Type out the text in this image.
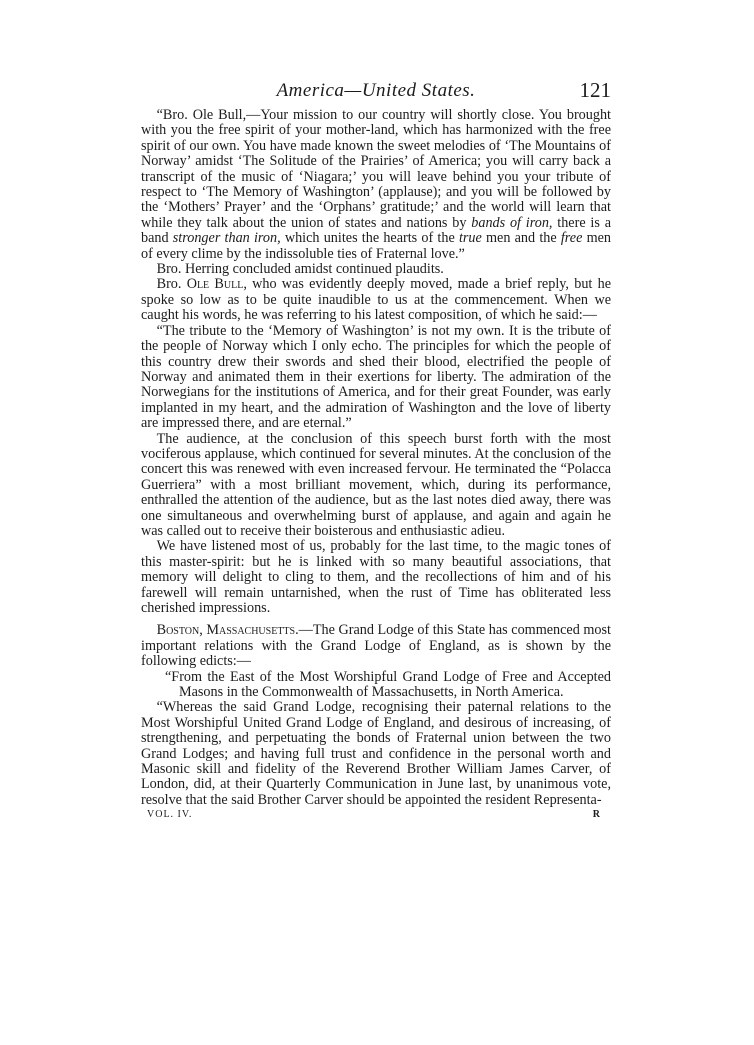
America—United States.	121

“Bro. Ole Bull,—Your mission to our country will shortly close. You brought with you the free spirit of your mother-land, which has harmonized with the free spirit of our own. You have made known the sweet melodies of ‘The Mountains of Norway’ amidst ‘The Solitude of the Prairies’ of America; you will carry back a transcript of the music of ‘Niagara;’ you will leave behind you your tribute of respect to ‘The Memory of Washington’ (applause); and you will be followed by the ‘Mothers’ Prayer’ and the ‘Orphans’ gratitude;’ and the world will learn that while they talk about the union of states and nations by bands of iron, there is a band stronger than iron, which unites the hearts of the true men and the free men of every clime by the indissoluble ties of Fraternal love.”

Bro. Herring concluded amidst continued plaudits.

Bro. Ole Bull, who was evidently deeply moved, made a brief reply, but he spoke so low as to be quite inaudible to us at the commencement. When we caught his words, he was referring to his latest composition, of which he said:—

“The tribute to the ‘Memory of Washington’ is not my own. It is the tribute of the people of Norway which I only echo. The principles for which the people of this country drew their swords and shed their blood, electrified the people of Norway and animated them in their exertions for liberty. The admiration of the Norwegians for the institutions of America, and for their great Founder, was early implanted in my heart, and the admiration of Washington and the love of liberty are impressed there, and are eternal.”

The audience, at the conclusion of this speech burst forth with the most vociferous applause, which continued for several minutes. At the conclusion of the concert this was renewed with even increased fervour. He terminated the “Polacca Guerriera” with a most brilliant movement, which, during its performance, enthralled the attention of the audience, but as the last notes died away, there was one simultaneous and overwhelming burst of applause, and again and again he was called out to receive their boisterous and enthusiastic adieu.

We have listened most of us, probably for the last time, to the magic tones of this master-spirit: but he is linked with so many beautiful associations, that memory will delight to cling to them, and the recollections of him and of his farewell will remain untarnished, when the rust of Time has obliterated less cherished impressions.

Boston, Massachusetts.—The Grand Lodge of this State has commenced most important relations with the Grand Lodge of England, as is shown by the following edicts:—

“From the East of the Most Worshipful Grand Lodge of Free and Accepted Masons in the Commonwealth of Massachusetts, in North America.

“Whereas the said Grand Lodge, recognising their paternal relations to the Most Worshipful United Grand Lodge of England, and desirous of increasing, of strengthening, and perpetuating the bonds of Fraternal union between the two Grand Lodges; and having full trust and confidence in the personal worth and Masonic skill and fidelity of the Reverend Brother William James Carver, of London, did, at their Quarterly Communication in June last, by unanimous vote, resolve that the said Brother Carver should be appointed the resident Representa-

VOL. IV.	R
